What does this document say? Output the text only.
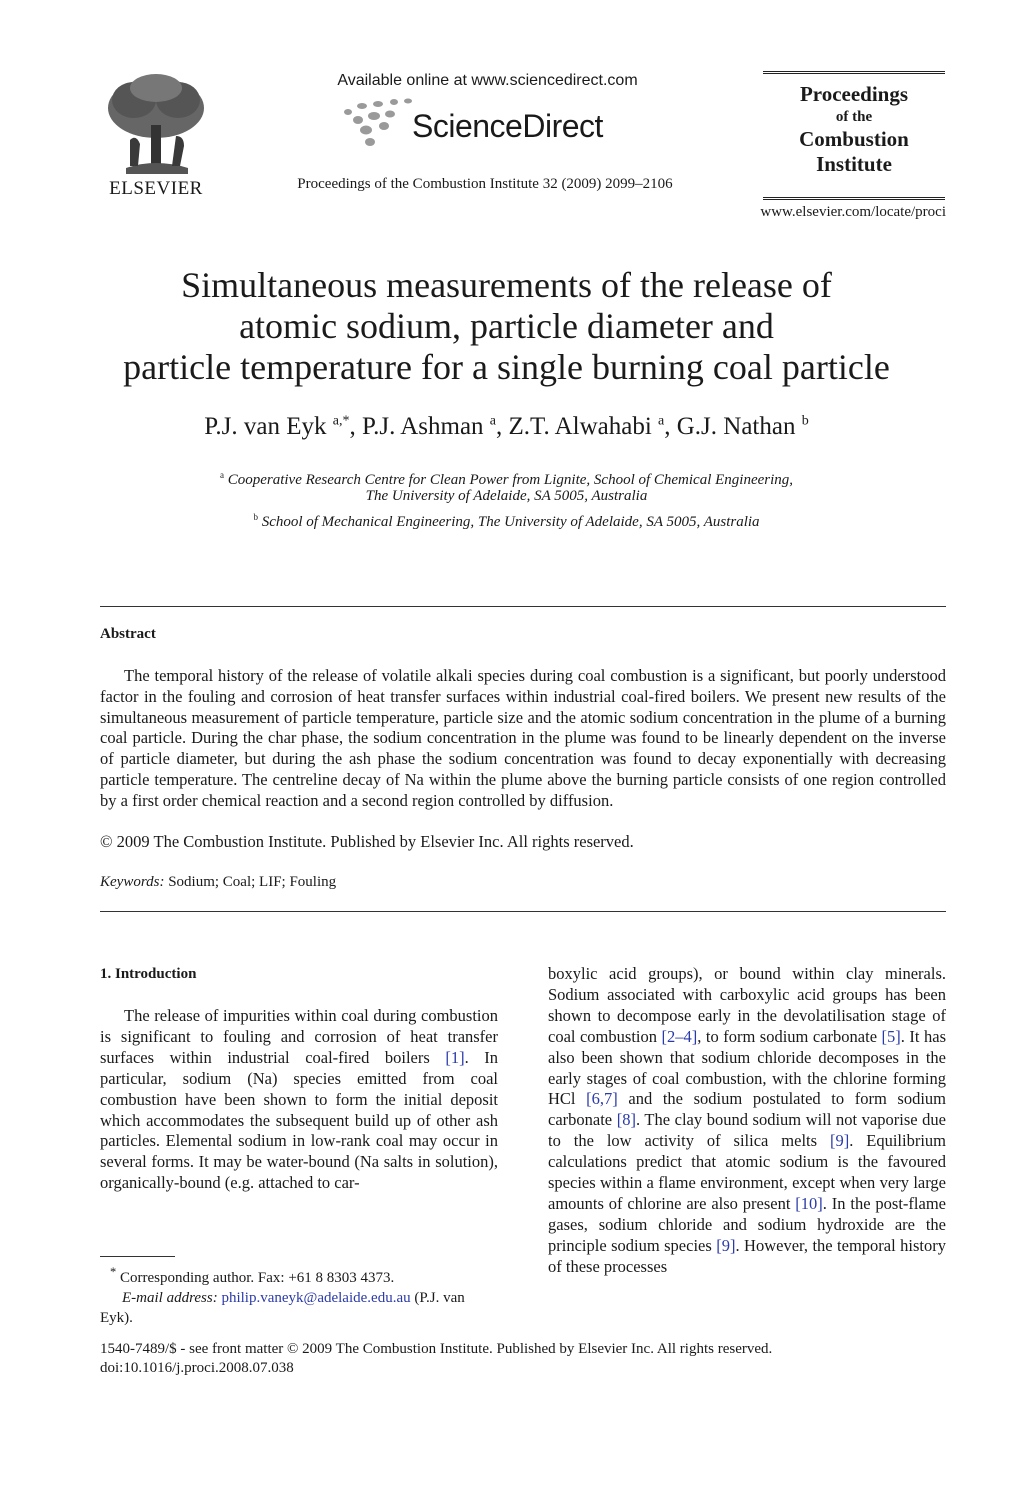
ELSEVIER
Available online at www.sciencedirect.com
ScienceDirect
Proceedings of the Combustion Institute 32 (2009) 2099–2106
Proceedings
of the
Combustion
Institute
www.elsevier.com/locate/proci
Simultaneous measurements of the release of
atomic sodium, particle diameter and
particle temperature for a single burning coal particle
P.J. van Eyk $^{a,*}$, P.J. Ashman $^a$, Z.T. Alwahabi $^a$, G.J. Nathan $^b$
$^a$ Cooperative Research Centre for Clean Power from Lignite, School of Chemical Engineering,
The University of Adelaide, SA 5005, Australia
$^b$ School of Mechanical Engineering, The University of Adelaide, SA 5005, Australia
Abstract
The temporal history of the release of volatile alkali species during coal combustion is a significant, but poorly understood factor in the fouling and corrosion of heat transfer surfaces within industrial coal-fired boilers. We present new results of the simultaneous measurement of particle temperature, particle size and the atomic sodium concentration in the plume of a burning coal particle. During the char phase, the sodium concentration in the plume was found to be linearly dependent on the inverse of particle diameter, but during the ash phase the sodium concentration was found to decay exponentially with decreasing particle temperature. The centreline decay of Na within the plume above the burning particle consists of one region controlled by a first order chemical reaction and a second region controlled by diffusion.
© 2009 The Combustion Institute. Published by Elsevier Inc. All rights reserved.
Keywords: Sodium; Coal; LIF; Fouling
1. Introduction
The release of impurities within coal during combustion is significant to fouling and corrosion of heat transfer surfaces within industrial coal-fired boilers [1]. In particular, sodium (Na) species emitted from coal combustion have been shown to form the initial deposit which accommodates the subsequent build up of other ash particles. Elemental sodium in low-rank coal may occur in several forms. It may be water-bound (Na salts in solution), organically-bound (e.g. attached to car-
boxylic acid groups), or bound within clay minerals. Sodium associated with carboxylic acid groups has been shown to decompose early in the devolatilisation stage of coal combustion [2–4], to form sodium carbonate [5]. It has also been shown that sodium chloride decomposes in the early stages of coal combustion, with the chlorine forming HCl [6,7] and the sodium postulated to form sodium carbonate [8]. The clay bound sodium will not vaporise due to the low activity of silica melts [9]. Equilibrium calculations predict that atomic sodium is the favoured species within a flame environment, except when very large amounts of chlorine are also present [10]. In the post-flame gases, sodium chloride and sodium hydroxide are the principle sodium species [9]. However, the temporal history of these processes
* Corresponding author. Fax: +61 8 8303 4373.
E-mail address: philip.vaneyk@adelaide.edu.au (P.J. van Eyk).
1540-7489/$ - see front matter © 2009 The Combustion Institute. Published by Elsevier Inc. All rights reserved.
doi:10.1016/j.proci.2008.07.038
